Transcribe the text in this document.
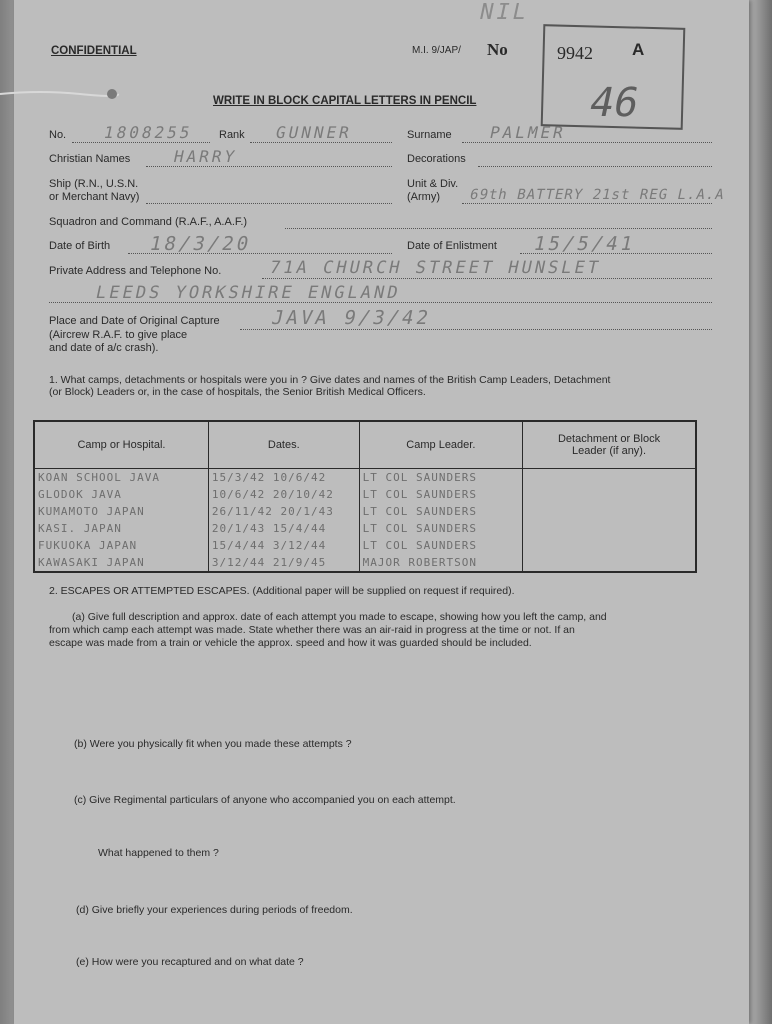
NIL
M.I. 9/JAP/ No	9942 A
46
CONFIDENTIAL
WRITE IN BLOCK CAPITAL LETTERS IN PENCIL
No. 1808255 Rank GUNNER	Surname PALMER
Christian Names	HARRY	Decorations
Ship (R.N., U.S.N.
or Merchant Navy)
Unit & Div.
(Army) 69th BATTERY 21st REG L.A.A
Squadron and Command (R.A.F., A.A.F.)
Date of Birth 18/3/20	Date of Enlistment 15/5/41
Private Address and Telephone No.	71A CHURCH STREET HUNSLET
LEEDS YORKSHIRE ENGLAND
Place and Date of Original Capture
(Aircrew R.A.F. to give place
and date of a/c crash).
JAVA 9/3/42
1. What camps, detachments or hospitals were you in ? Give dates and names of the British Camp Leaders, Detachment
(or Block) Leaders or, in the case of hospitals, the Senior British Medical Officers.
Camp or Hospital.	Dates.	Camp Leader.	Detachment or Block Leader (if any).
KOAN SCHOOL JAVA	15/3/42 10/6/42	LT COL SAUNDERS	
GLODOK JAVA	10/6/42 20/10/42	LT COL SAUNDERS	
KUMAMOTO JAPAN	26/11/42 20/1/43	LT COL SAUNDERS	
KASI. JAPAN	20/1/43 15/4/44	LT COL SAUNDERS	
FUKUOKA JAPAN	15/4/44 3/12/44	LT COL SAUNDERS	
KAWASAKI JAPAN	3/12/44 21/9/45	MAJOR ROBERTSON	
2. ESCAPES OR ATTEMPTED ESCAPES. (Additional paper will be supplied on request if required).
(a) Give full description and approx. date of each attempt you made to escape, showing how you left the camp, and
from which camp each attempt was made. State whether there was an air-raid in progress at the time or not. If an
escape was made from a train or vehicle the approx. speed and how it was guarded should be included.
(b) Were you physically fit when you made these attempts ?
(c) Give Regimental particulars of anyone who accompanied you on each attempt.
What happened to them ?
(d) Give briefly your experiences during periods of freedom.
(e) How were you recaptured and on what date ?
